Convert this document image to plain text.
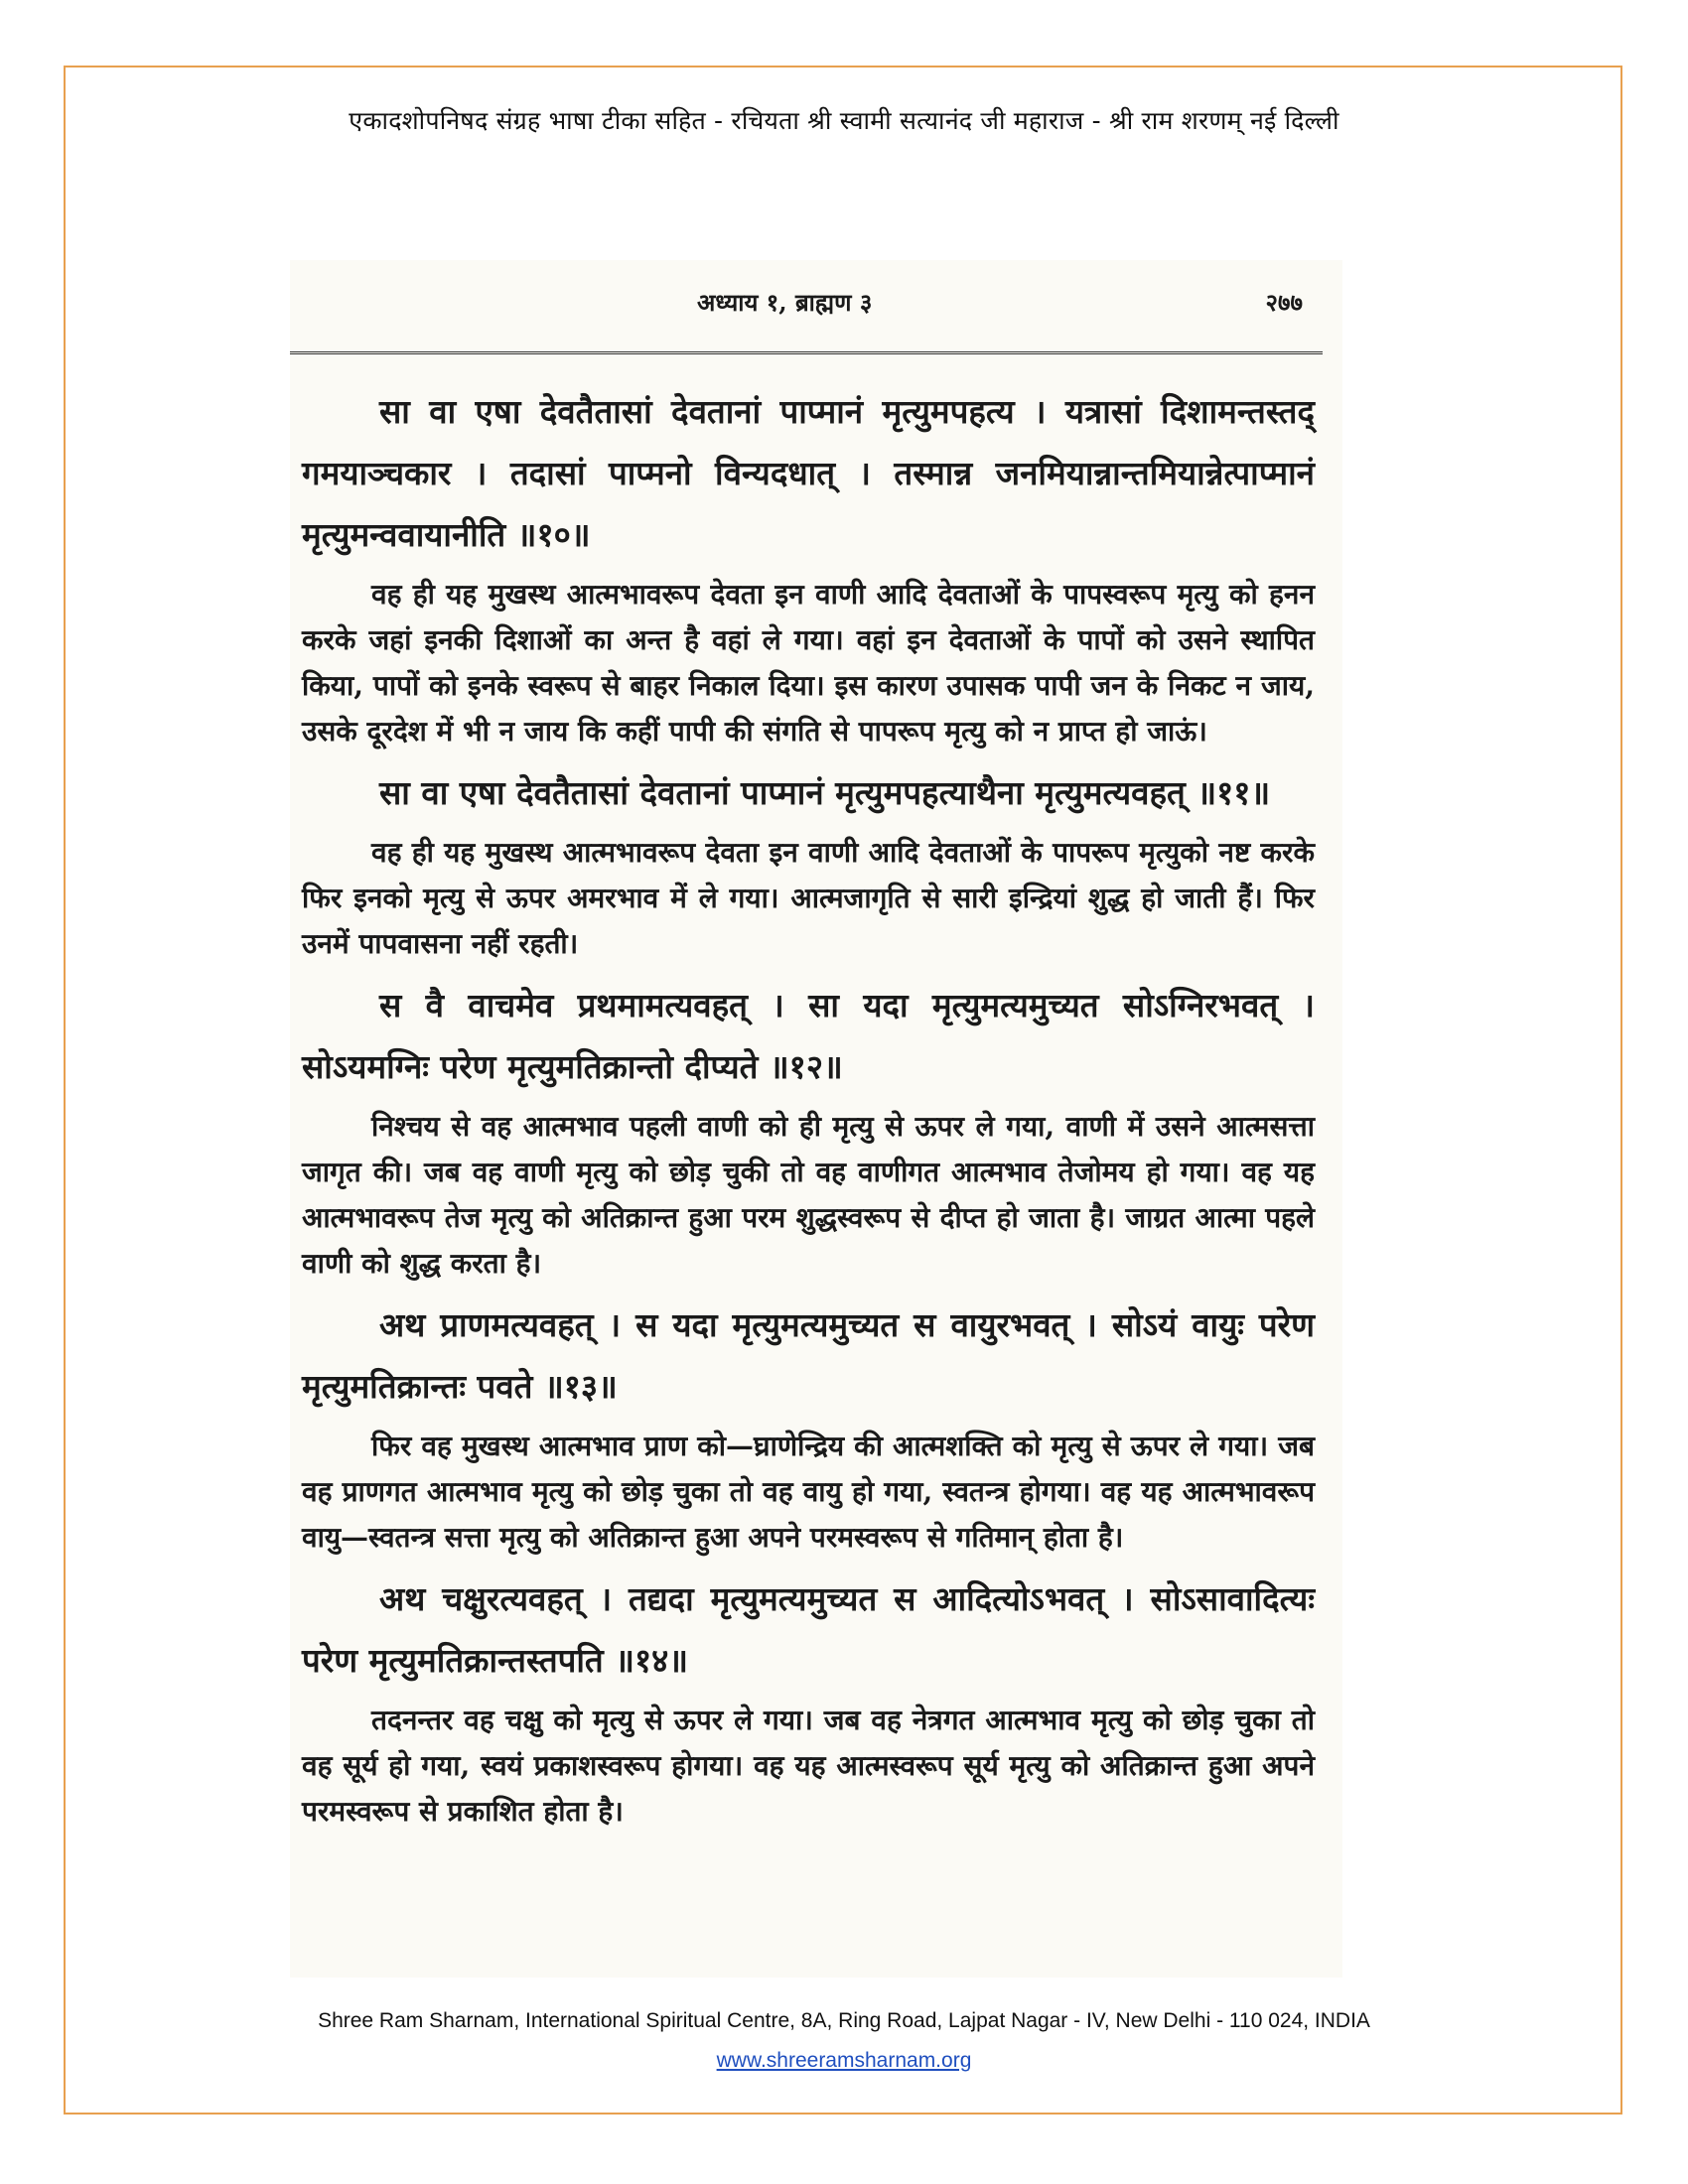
एकादशोपनिषद संग्रह भाषा टीका सहित - रचियता श्री स्वामी सत्यानंद जी महाराज - श्री राम शरणम् नई दिल्ली
अध्याय १, ब्राह्मण ३	२७७

सा वा एषा देवतैतासां देवतानां पाप्मानं मृत्युमपहत्य । यत्रासां दिशामन्तस्तद् गमयाञ्चकार । तदासां पाप्मनो विन्यदधात् । तस्मान्न जनमियान्नान्तमियान्नेत्पाप्मानं मृत्युमन्ववायानीति ॥१०॥

वह ही यह मुखस्थ आत्मभावरूप देवता इन वाणी आदि देवताओं के पापस्वरूप मृत्यु को हनन करके जहां इनकी दिशाओं का अन्त है वहां ले गया। वहां इन देवताओं के पापों को उसने स्थापित किया, पापों को इनके स्वरूप से बाहर निकाल दिया। इस कारण उपासक पापी जन के निकट न जाय, उसके दूरदेश में भी न जाय कि कहीं पापी की संगति से पापरूप मृत्यु को न प्राप्त हो जाऊं।

सा वा एषा देवतैतासां देवतानां पाप्मानं मृत्युमपहत्याथैना मृत्युमत्यवहत् ॥११॥

वह ही यह मुखस्थ आत्मभावरूप देवता इन वाणी आदि देवताओं के पापरूप मृत्युको नष्ट करके फिर इनको मृत्यु से ऊपर अमरभाव में ले गया। आत्मजागृति से सारी इन्द्रियां शुद्ध हो जाती हैं। फिर उनमें पापवासना नहीं रहती।

स वै वाचमेव प्रथमामत्यवहत् । सा यदा मृत्युमत्यमुच्यत सोऽग्निरभवत् । सोऽयमग्निः परेण मृत्युमतिक्रान्तो दीप्यते ॥१२॥

निश्चय से वह आत्मभाव पहली वाणी को ही मृत्यु से ऊपर ले गया, वाणी में उसने आत्मसत्ता जागृत की। जब वह वाणी मृत्यु को छोड़ चुकी तो वह वाणीगत आत्मभाव तेजोमय हो गया। वह यह आत्मभावरूप तेज मृत्यु को अतिक्रान्त हुआ परम शुद्धस्वरूप से दीप्त हो जाता है। जाग्रत आत्मा पहले वाणी को शुद्ध करता है।

अथ प्राणमत्यवहत् । स यदा मृत्युमत्यमुच्यत स वायुरभवत् । सोऽयं वायुः परेण मृत्युमतिक्रान्तः पवते ॥१३॥

फिर वह मुखस्थ आत्मभाव प्राण को—घ्राणेन्द्रिय की आत्मशक्ति को मृत्यु से ऊपर ले गया। जब वह प्राणगत आत्मभाव मृत्यु को छोड़ चुका तो वह वायु हो गया, स्वतन्त्र होगया। वह यह आत्मभावरूप वायु—स्वतन्त्र सत्ता मृत्यु को अतिक्रान्त हुआ अपने परमस्वरूप से गतिमान् होता है।

अथ चक्षुरत्यवहत् । तद्यदा मृत्युमत्यमुच्यत स आदित्योऽभवत् । सोऽसावादित्यः परेण मृत्युमतिक्रान्तस्तपति ॥१४॥

तदनन्तर वह चक्षु को मृत्यु से ऊपर ले गया। जब वह नेत्रगत आत्मभाव मृत्यु को छोड़ चुका तो वह सूर्य हो गया, स्वयं प्रकाशस्वरूप होगया। वह यह आत्मस्वरूप सूर्य मृत्यु को अतिक्रान्त हुआ अपने परमस्वरूप से प्रकाशित होता है।

Shree Ram Sharnam, International Spiritual Centre, 8A, Ring Road, Lajpat Nagar - IV, New Delhi - 110 024, INDIA
www.shreeramsharnam.org
